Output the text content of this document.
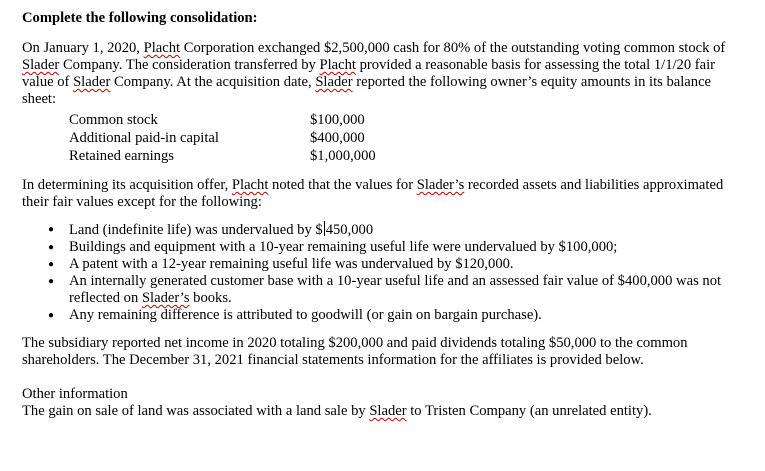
Complete the following consolidation:

On January 1, 2020, Placht Corporation exchanged $2,500,000 cash for 80% of the outstanding voting common stock of Slader Company. The consideration transferred by Placht provided a reasonable basis for assessing the total 1/1/20 fair value of Slader Company. At the acquisition date, Slader reported the following owner’s equity amounts in its balance sheet:

Common stock	$100,000
Additional paid-in capital	$400,000
Retained earnings	$1,000,000

In determining its acquisition offer, Placht noted that the values for Slader’s recorded assets and liabilities approximated their fair values except for the following:

● Land (indefinite life) was undervalued by $ 450,000
● Buildings and equipment with a 10-year remaining useful life were undervalued by $100,000;
● A patent with a 12-year remaining useful life was undervalued by $120,000.
● An internally generated customer base with a 10-year useful life and an assessed fair value of $400,000 was not reflected on Slader’s books.
● Any remaining difference is attributed to goodwill (or gain on bargain purchase).

The subsidiary reported net income in 2020 totaling $200,000 and paid dividends totaling $50,000 to the common shareholders. The December 31, 2021 financial statements information for the affiliates is provided below.

Other information

The gain on sale of land was associated with a land sale by Slader to Tristen Company (an unrelated entity).
